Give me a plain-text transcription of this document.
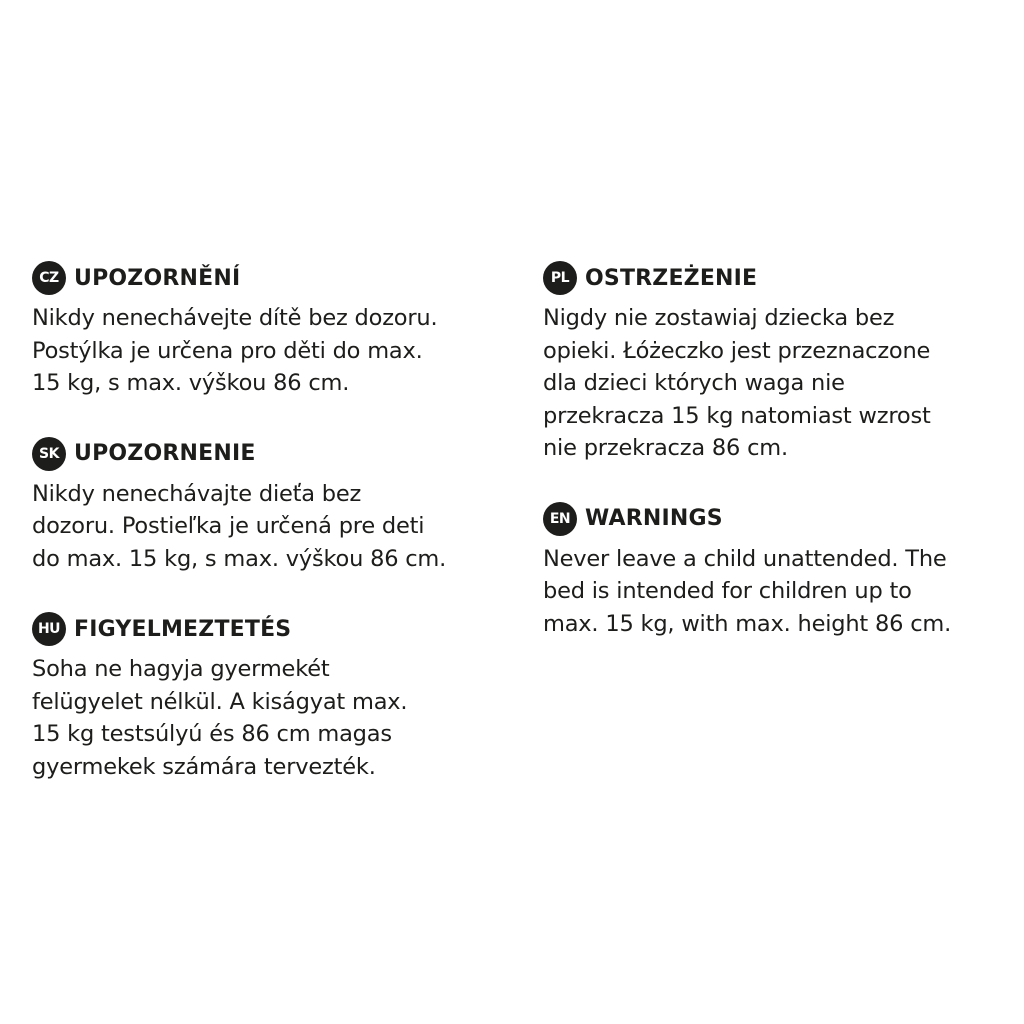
CZ UPOZORNĚNÍ
Nikdy nenechávejte dítě bez dozoru.
Postýlka je určena pro děti do max.
15 kg, s max. výškou 86 cm.
SK UPOZORNENIE
Nikdy nenechávajte dieťa bez
dozoru. Postieľka je určená pre deti
do max. 15 kg, s max. výškou 86 cm.
HU FIGYELMEZTETÉS
Soha ne hagyja gyermekét
felügyelet nélkül. A kiságyat max.
15 kg testsúlyú és 86 cm magas
gyermekek számára tervezték.
PL OSTRZEŻENIE
Nigdy nie zostawiaj dziecka bez
opieki. Łóżeczko jest przeznaczone
dla dzieci których waga nie
przekracza 15 kg natomiast wzrost
nie przekracza 86 cm.
EN WARNINGS
Never leave a child unattended. The
bed is intended for children up to
max. 15 kg, with max. height 86 cm.
